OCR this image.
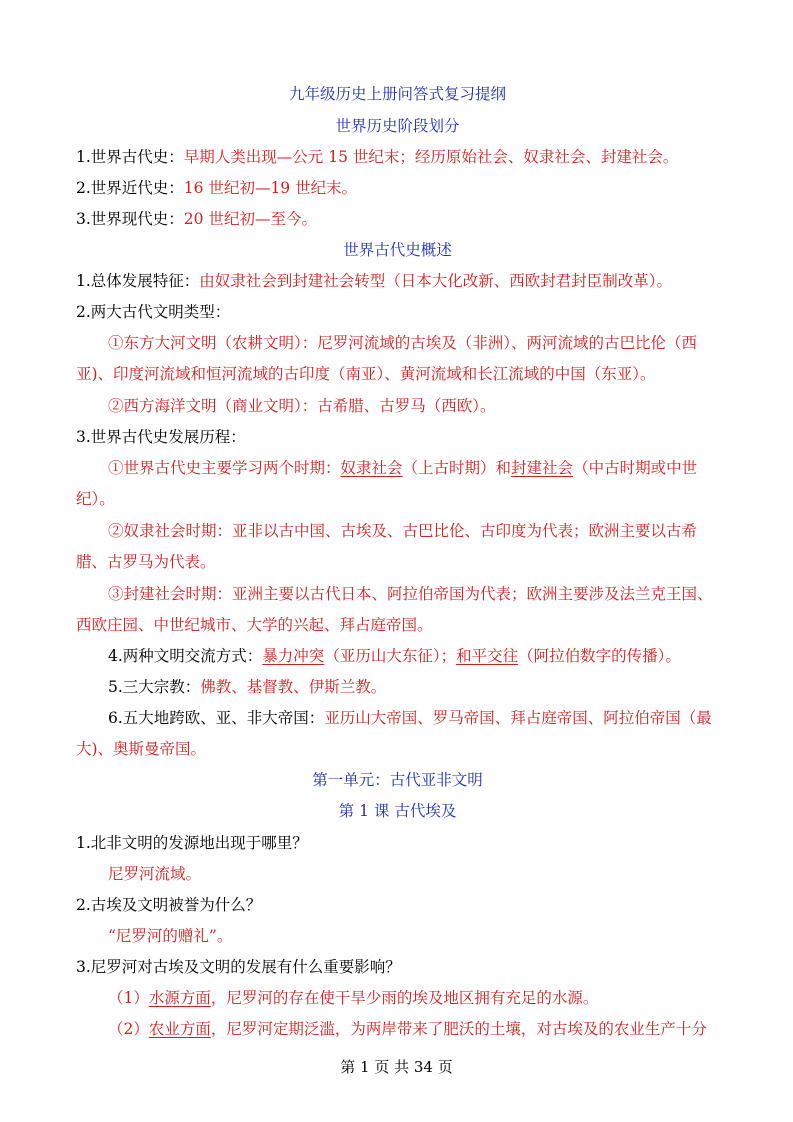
九年级历史上册问答式复习提纲
世界历史阶段划分
1.世界古代史：早期人类出现—公元 15 世纪末；经历原始社会、奴隶社会、封建社会。
2.世界近代史：16 世纪初—19 世纪末。
3.世界现代史：20 世纪初—至今。
世界古代史概述
1.总体发展特征：由奴隶社会到封建社会转型（日本大化改新、西欧封君封臣制改革）。
2.两大古代文明类型：
①东方大河文明（农耕文明）：尼罗河流域的古埃及（非洲）、两河流域的古巴比伦（西
亚)、印度河流域和恒河流域的古印度（南亚）、黄河流域和长江流域的中国（东亚）。
②西方海洋文明（商业文明）：古希腊、古罗马（西欧）。
3.世界古代史发展历程：
①世界古代史主要学习两个时期：奴隶社会（上古时期）和封建社会（中古时期或中世
纪）。
②奴隶社会时期：亚非以古中国、古埃及、古巴比伦、古印度为代表；欧洲主要以古希
腊、古罗马为代表。
③封建社会时期：亚洲主要以古代日本、阿拉伯帝国为代表；欧洲主要涉及法兰克王国、
西欧庄园、中世纪城市、大学的兴起、拜占庭帝国。
4.两种文明交流方式：暴力冲突（亚历山大东征）；和平交往（阿拉伯数字的传播）。
5.三大宗教：佛教、基督教、伊斯兰教。
6.五大地跨欧、亚、非大帝国：亚历山大帝国、罗马帝国、拜占庭帝国、阿拉伯帝国（最
大)、奥斯曼帝国。
第一单元：古代亚非文明
第 1 课 古代埃及
1.北非文明的发源地出现于哪里？
尼罗河流域。
2.古埃及文明被誉为什么？
“尼罗河的赠礼”。
3.尼罗河对古埃及文明的发展有什么重要影响？
（1）水源方面，尼罗河的存在使干旱少雨的埃及地区拥有充足的水源。
（2）农业方面，尼罗河定期泛滥，为两岸带来了肥沃的土壤，对古埃及的农业生产十分
第 1 页 共 34 页
